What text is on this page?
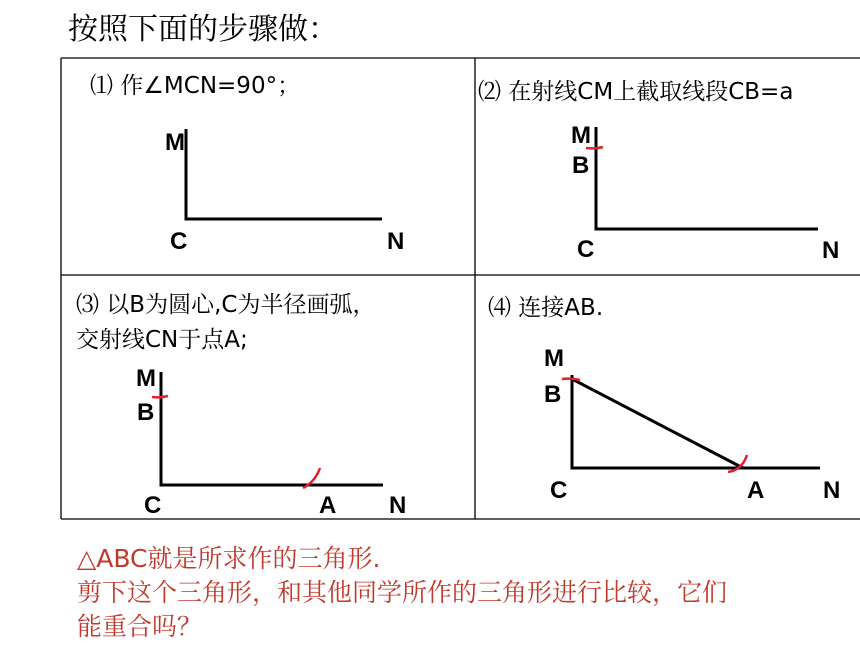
按照下面的步骤做：
⑴ 作∠MCN=90°；	⑵ 在射线CM上截取线段CB=a
⑶ 以B为圆心,C为半径画弧，
交射线CN于点A;
⑷ 连接AB.
M
C	N
M
B
C	N
M
B
C	A N
M
B
C	A N
△ABC就是所求作的三角形.
剪下这个三角形，和其他同学所作的三角形进行比较，它们
能重合吗？
